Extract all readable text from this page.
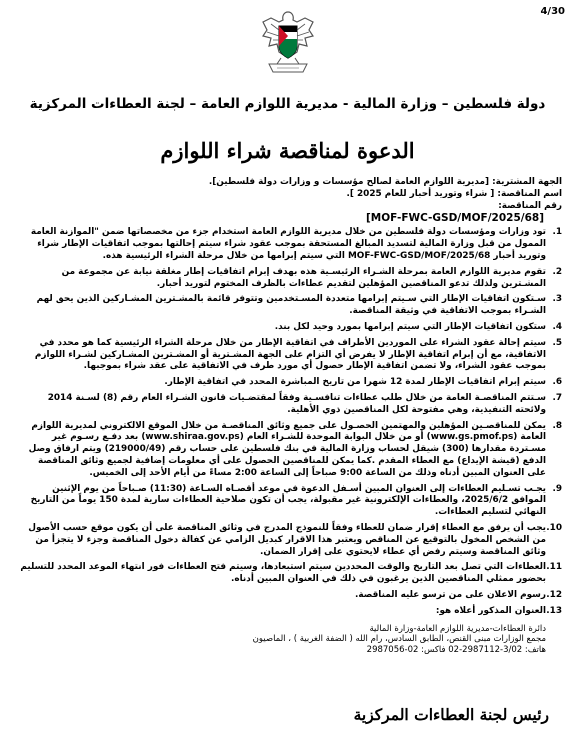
4/30
دولة فلسطين – وزارة المالية - مديرية اللوازم العامة – لجنة العطاءات المركزية
الدعوة لمناقصة شراء اللوازم

الجهة المشترية: [مديرية اللوازم العامة لصالح مؤسسات و وزارات دولة فلسطين].

اسم المناقصة: [ شراء وتوريد أحبار للعام 2025 ].

رقم المناقصة:

[MOF-FWC-GSD/MOF/2025/68]

1.
تود وزارات ومؤسسات دولة فلسطين من خلال مديرية اللوازم العامة استخدام جزء من مخصصاتها ضمن "الموازنة العامة الممول من قبل وزارة المالية لتسديد المبالغ المستحقة بموجب عقود شراء سيتم إحالتها بموجب اتفاقيات الإطار شراء وتوريد أحبار MOF-FWC-GSD/MOF/2025/68 التي سيتم إبرامها من خلال مرحلة الشراء الرئيسية هذه.
2.
تقوم مديرية اللوازم العامة بمرحلة الشـراء الرئيسـية هذه بهدف إبرام اتفاقيات إطار مغلقة نيابة عن مجموعة من المشـترين ولذلك تدعو المناقصين المؤهلين لتقديم عطاءات بالظرف المختوم لتوريد أحبار.
3.
سـتكون اتفاقيات الإطار التي سـيتم إبرامها متعددة المسـتخدمين وتتوفر قائمة بالمشـترين المشـاركين الذين يحق لهم الشـراء بموجب الاتفاقية في وثيقة المناقصة.
4.
ستكون اتفاقيات الإطار التي سيتم إبرامها بمورد وحيد لكل بند.
5.
سيتم إحالة عقود الشراء على الموردين الأطراف في اتفاقية الإطار من خلال مرحلة الشراء الرئيسية كما هو محدد في الاتفاقية، مع أن إبرام اتفاقية الإطار لا يفرض أي التزام على الجهة المشـترية أو المشـترين المشـاركين لشـراء اللوازم بموجب عقود الشراء، ولا تضمن اتفاقية الإطار حصول أي مورد طرف في الاتفاقية على عقد شراء بموجبها.
6.
سيتم إبرام اتفاقيات الإطار لمدة 12 شهرا من تاريخ المباشرة المحدد في اتفاقية الإطار.
7.
سـتتم المناقصـة العامة من خلال طلب عطاءات تنافسـية وفقاً لمقتضـيات قانون الشـراء العام رقم (8) لسـنة 2014 ولائحته التنفيذية، وهي مفتوحة لكل المناقصين ذوي الأهلية.
8.
يمكن للمناقصـين المؤهلين والمهتمين الحصـول على جميع وثائق المناقصـة من خلال الموقع الالكتروني لمديرية اللوازم العامة (www.gs.pmof.ps) أو من خلال البوابة الموحدة للشـراء العام (www.shiraa.gov.ps) بعد دفـع رسـوم غير مسـتردة مقدارها (300) شيقل لحساب وزارة المالية في بنك فلسطين على حساب رقم (219000/49) ويتم ارفاق وصل الدفع (قيشة الإيداع) مع العطاء المقدم .كما يمكن للمناقصين الحصول على أي معلومات إضافية لجميع وثائق المناقصة على العنوان المبين أدناه وذلك من الساعة 9:00 صباحاً إلى الساعة 2:00 مساءً من أيام الأحد إلى الخميس.
9.
يجـب تسـليم العطاءات إلى العنوان المبين أسـفل الدعوة في موعد أقصـاه السـاعة (11:30) صـباحاً من يوم الإثنين الموافق 2025/6/2، والعطاءات الإلكترونية غير مقبولة، يجب أن تكون صلاحية العطاءات سارية لمدة 150 يوماً من التاريخ النهائي لتسليم العطاءات.
10.
يجب أن يرفق مع العطاء إقرار ضمان للعطاء وفقاً للنموذج المدرج في وثائق المناقصة على أن يكون موقع حسب الأصول من الشخص المخول بالتوقيع عن المناقص ويعتبر هذا الاقرار كبديل الزامي عن كفالة دخول المناقصة وجزء لا يتجزأ من وثائق المناقصة وسيتم رفض أي عطاء لايحتوي على إقرار الضمان.
11.
العطاءات التي تصل بعد التاريخ والوقت المحددين سيتم استبعادها، وسيتم فتح العطاءات فور انتهاء الموعد المحدد للتسليم بحضور ممثلي المناقصين الذين يرغبون في ذلك في العنوان المبين أدناه.
12.
رسوم الاعلان على من ترسو عليه المناقصة.
13.
العنوان المذكور أعلاه هو:
دائرة العطاءات-مديرية اللوازم العامة-وزارة المالية
مجمع الوزارات مبنى القنص، الطابق السادس، رام الله ( الضفة الغربية ) ، الماصيون
هاتف: 3/02-2987112-02 فاكس: 02-2987056
رئيس لجنة العطاءات المركزية
